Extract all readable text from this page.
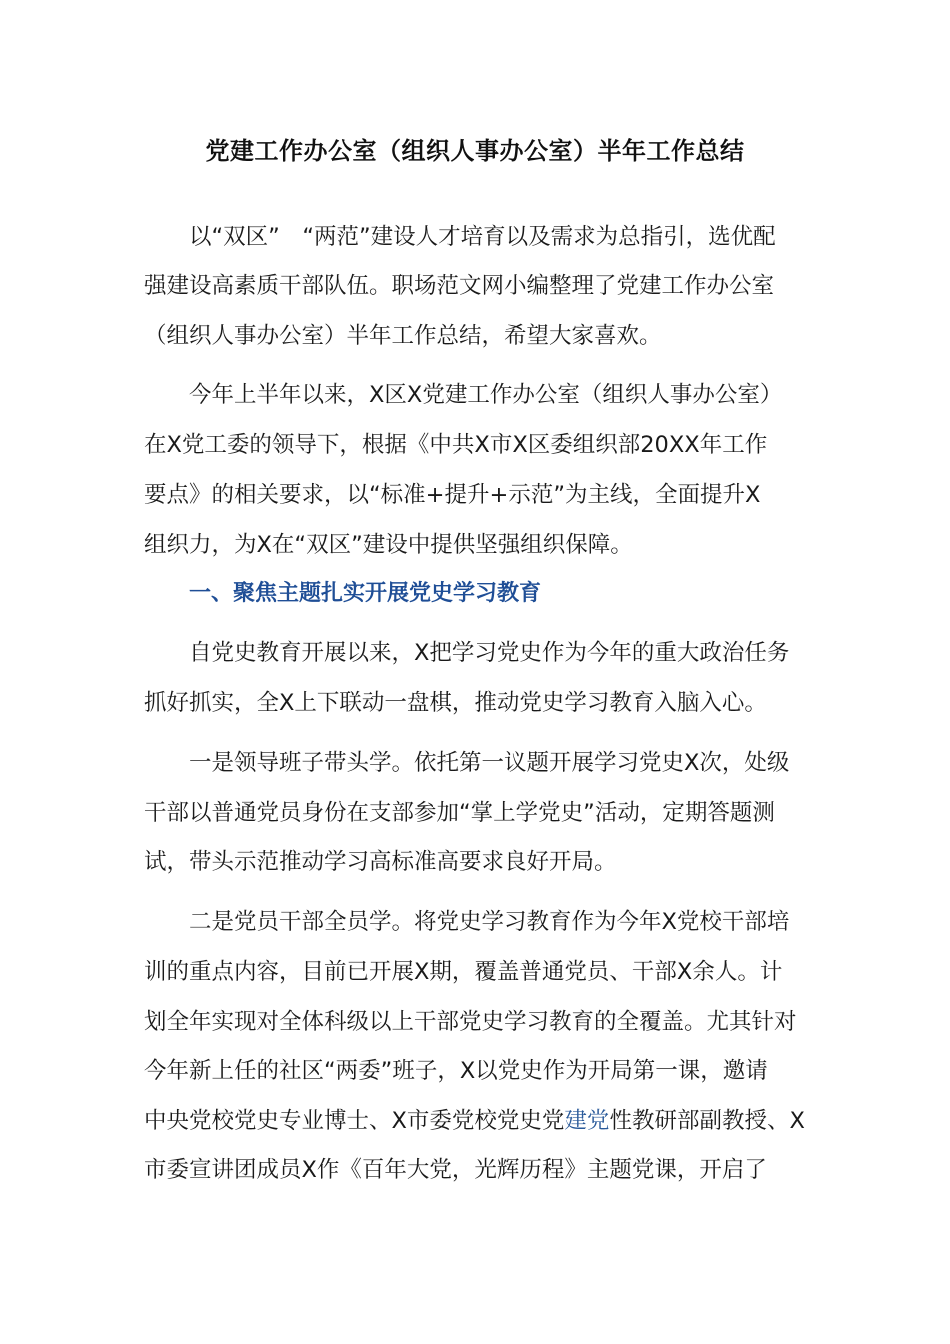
党建工作办公室（组织人事办公室）半年工作总结
以“双区”　“两范”建设人才培育以及需求为总指引，选优配
强建设高素质干部队伍。职场范文网小编整理了党建工作办公室
（组织人事办公室）半年工作总结，希望大家喜欢。
今年上半年以来，X区X党建工作办公室（组织人事办公室）
在X党工委的领导下，根据《中共X市X区委组织部20XX年工作
要点》的相关要求，以“标准+提升+示范”为主线，全面提升X
组织力，为X在“双区”建设中提供坚强组织保障。
一、聚焦主题扎实开展党史学习教育
自党史教育开展以来，X把学习党史作为今年的重大政治任务
抓好抓实，全X上下联动一盘棋，推动党史学习教育入脑入心。
一是领导班子带头学。依托第一议题开展学习党史X次，处级
干部以普通党员身份在支部参加“掌上学党史”活动，定期答题测
试，带头示范推动学习高标准高要求良好开局。
二是党员干部全员学。将党史学习教育作为今年X党校干部培
训的重点内容，目前已开展X期，覆盖普通党员、干部X余人。计
划全年实现对全体科级以上干部党史学习教育的全覆盖。尤其针对
今年新上任的社区“两委”班子，X以党史作为开局第一课，邀请
中央党校党史专业博士、X市委党校党史党建党性教研部副教授、X
市委宣讲团成员X作《百年大党，光辉历程》主题党课，开启了
